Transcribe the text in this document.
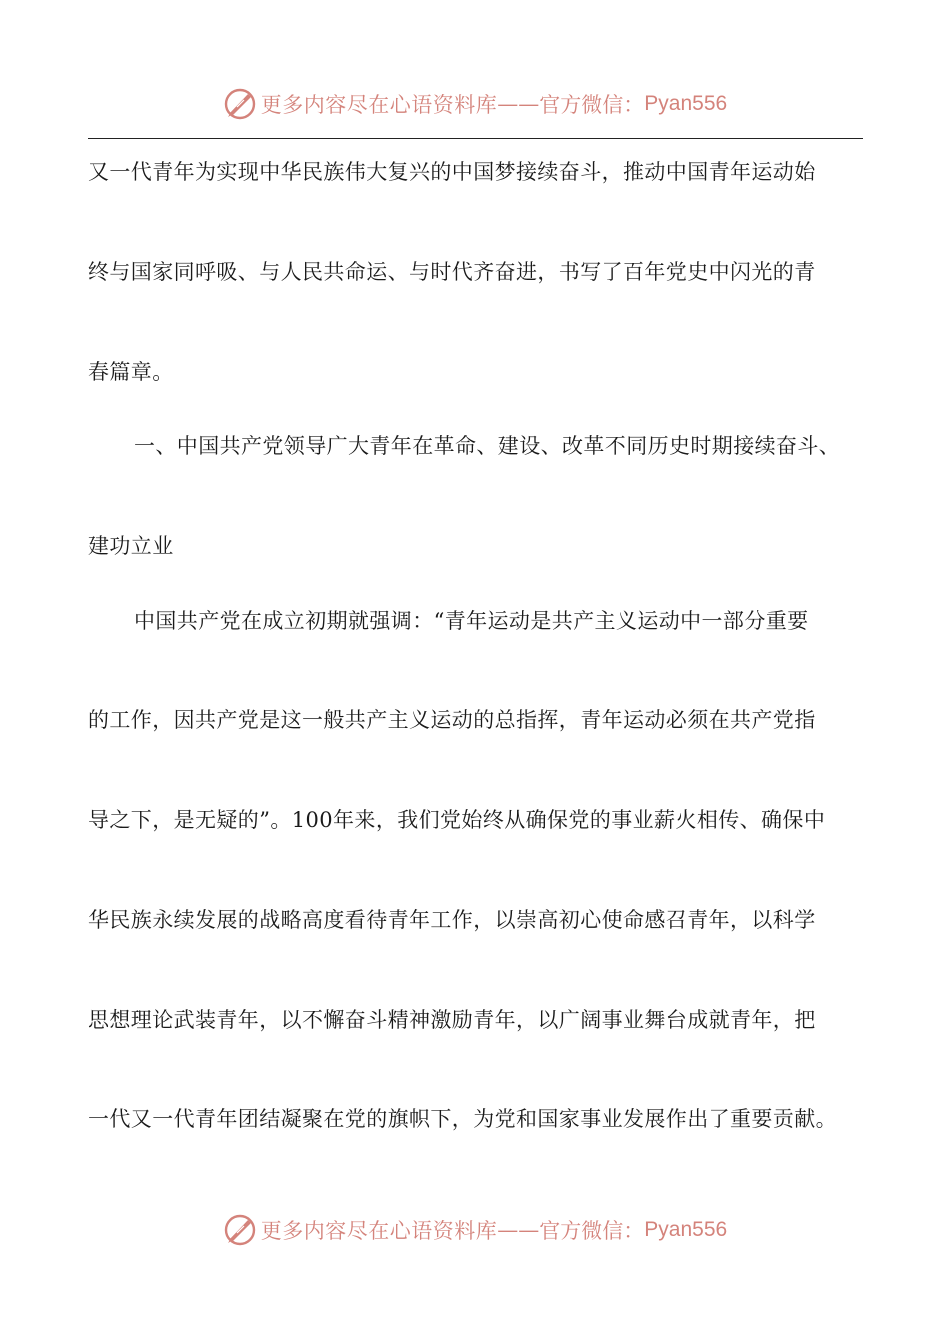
更多内容尽在心语资料库 —— 官方微信： Pyan556
又一代青年为实现中华民族伟大复兴的中国梦接续奋斗，推动中国青年运动始
终与国家同呼吸、与人民共命运、与时代齐奋进，书写了百年党史中闪光的青
春篇章。
一、中国共产党领导广大青年在革命、建设、改革不同历史时期接续奋斗、
建功立业
中国共产党在成立初期就强调：“青年运动是共产主义运动中一部分重要
的工作，因共产党是这一般共产主义运动的总指挥，青年运动必须在共产党指
导之下，是无疑的”。100年来，我们党始终从确保党的事业薪火相传、确保中
华民族永续发展的战略高度看待青年工作，以崇高初心使命感召青年，以科学
思想理论武装青年，以不懈奋斗精神激励青年，以广阔事业舞台成就青年，把
一代又一代青年团结凝聚在党的旗帜下，为党和国家事业发展作出了重要贡献。
更多内容尽在心语资料库 —— 官方微信： Pyan556
